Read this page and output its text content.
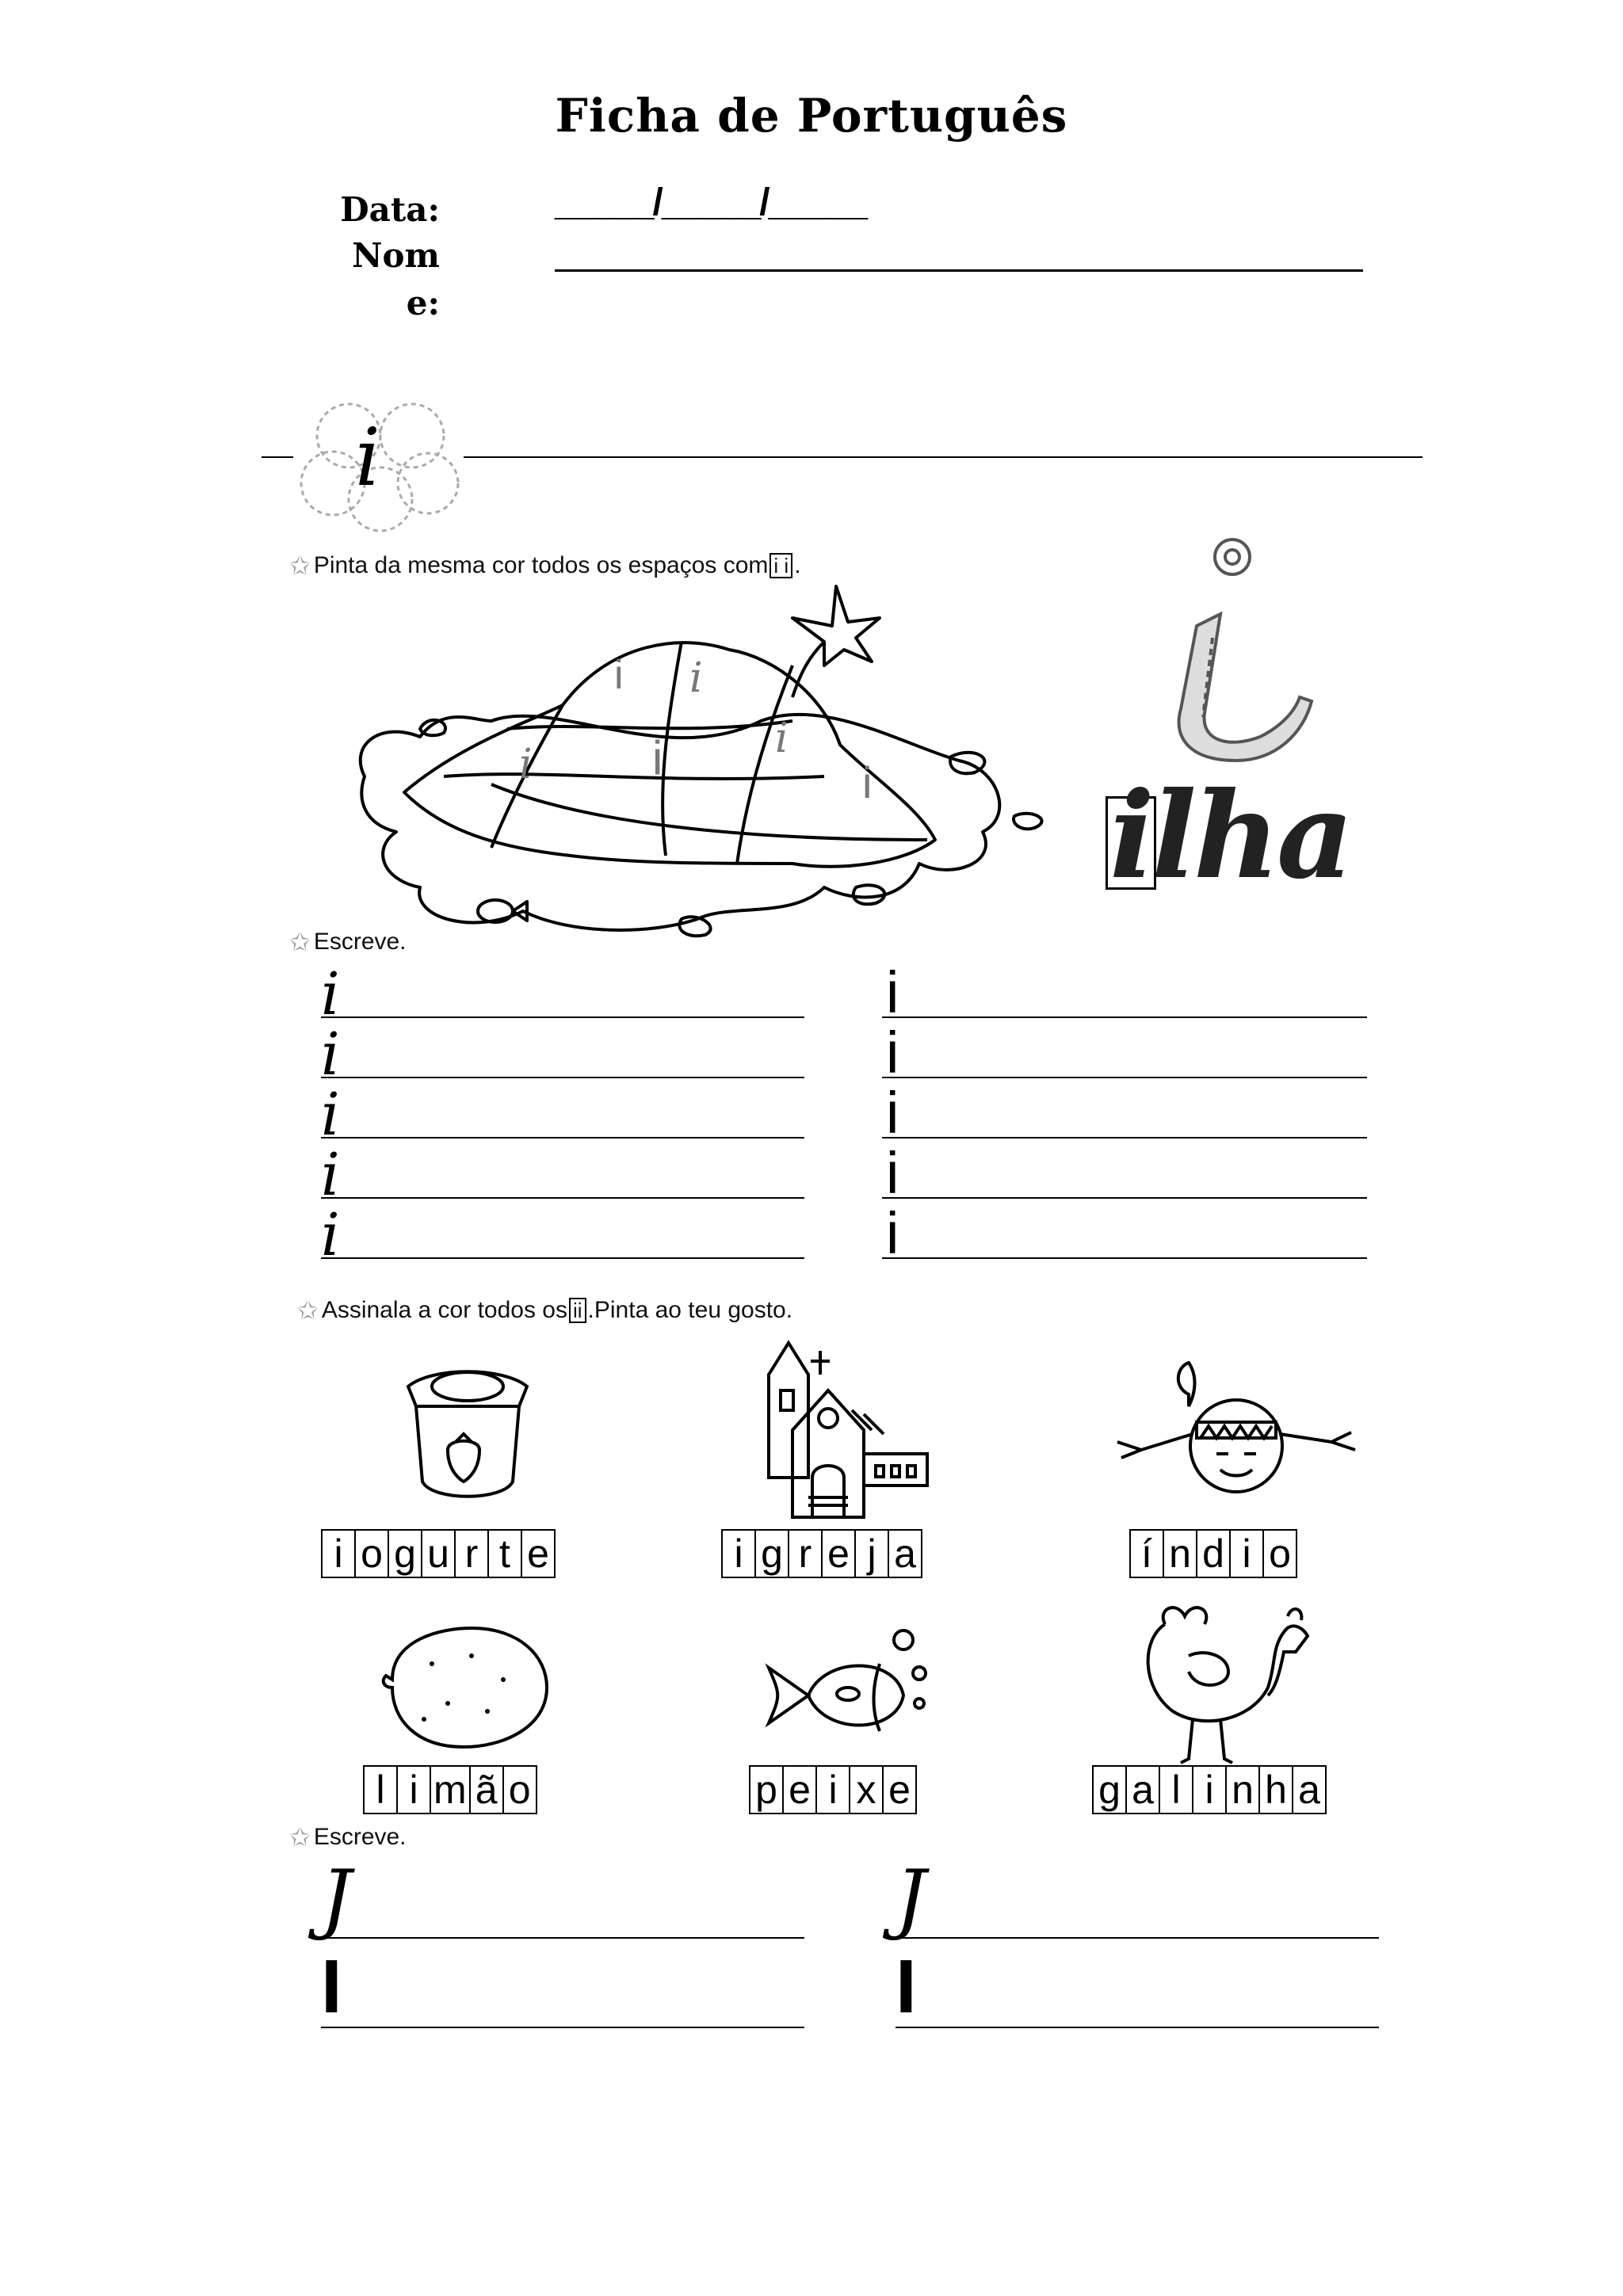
Ficha de Português
Data:	_____/_____/_____
Nom
e:
i
✩ Pinta da mesma cor todos os espaços com i i .
i i
i	i	i
i ilha
✩ Escreve.
i
i
i
i
i
i
i
i
i
i
✩ Assinala a cor todos os ii .Pinta ao teu gosto.
i o g u r t e	i g r e j a	í n d i o
l i m ã o	p e i x e	g a l i n h a
✩ Escreve.
J
I
J
I
